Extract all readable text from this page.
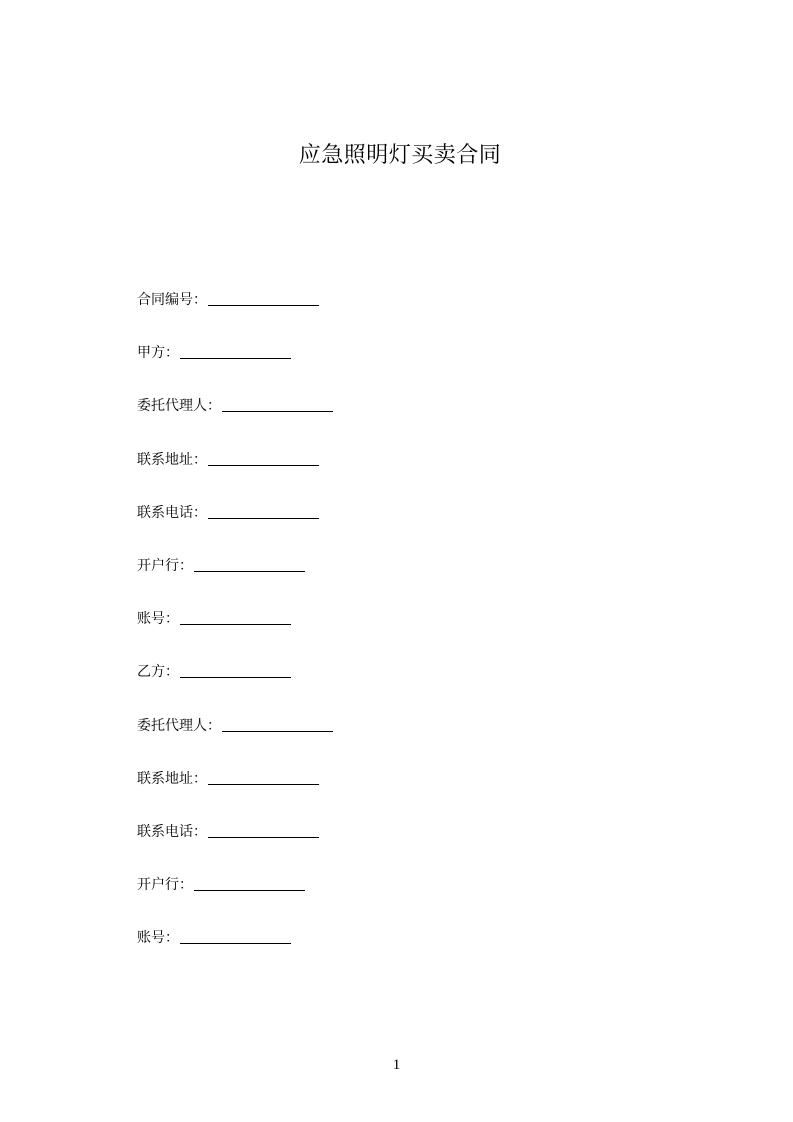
应急照明灯买卖合同
合同编号：
甲方：
委托代理人：
联系地址：
联系电话：
开户行：
账号：
乙方：
委托代理人：
联系地址：
联系电话：
开户行：
账号：
1
